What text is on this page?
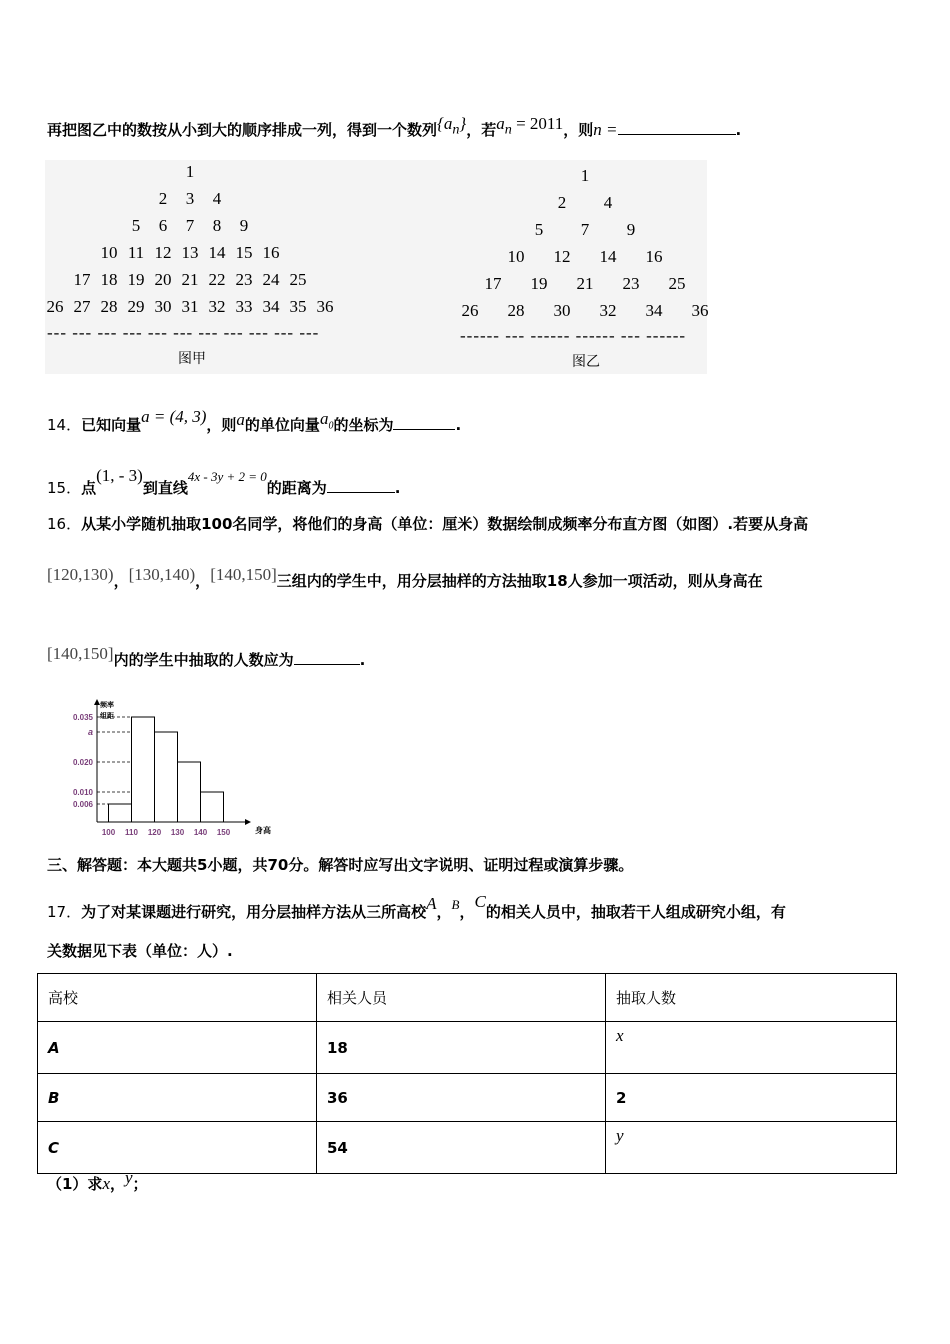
再把图乙中的数按从小到大的顺序排成一列，得到一个数列$\{a_n\}$，若$a_n = 2011$，则n =	.
1
2 3 4
5 6 7 8 9
10 11 12 13 14 15 16
17 18 19 20 21 22 23 24 25
26 27 28 29 30 31 32 33 34 35 36
1
2 4
5 7 9
10 12 14 16
17 19 21 23 25
26 28 30 32 34 36
--- --- --- --- --- --- --- --- --- --- ---	------ --- ------ ------ --- ------
图甲	图乙
14．已知向量a = (4, 3)，则a的单位向量$a_0$的坐标为	.
15．点(1, - 3)到直线4x - 3y + 2 = 0的距离为	.
16．从某小学随机抽取100名同学，将他们的身高（单位：厘米）数据绘制成频率分布直方图（如图）.若要从身高
[120,130)，[130,140)，[140,150]三组内的学生中，用分层抽样的方法抽取18人参加一项活动，则从身高在
[140,150]内的学生中抽取的人数应为	.
0.035
a
0.020
0.010
0.006
100 110 120 130 140 150	身高
频率
组距
三、解答题：本大题共5小题，共70分。解答时应写出文字说明、证明过程或演算步骤。
17．为了对某课题进行研究，用分层抽样方法从三所高校A，B，C的相关人员中，抽取若干人组成研究小组，有
关数据见下表（单位：人）.
高校	相关人员	抽取人数
A	18	x
B	36	2
C	54	y
（1）求x，y；
